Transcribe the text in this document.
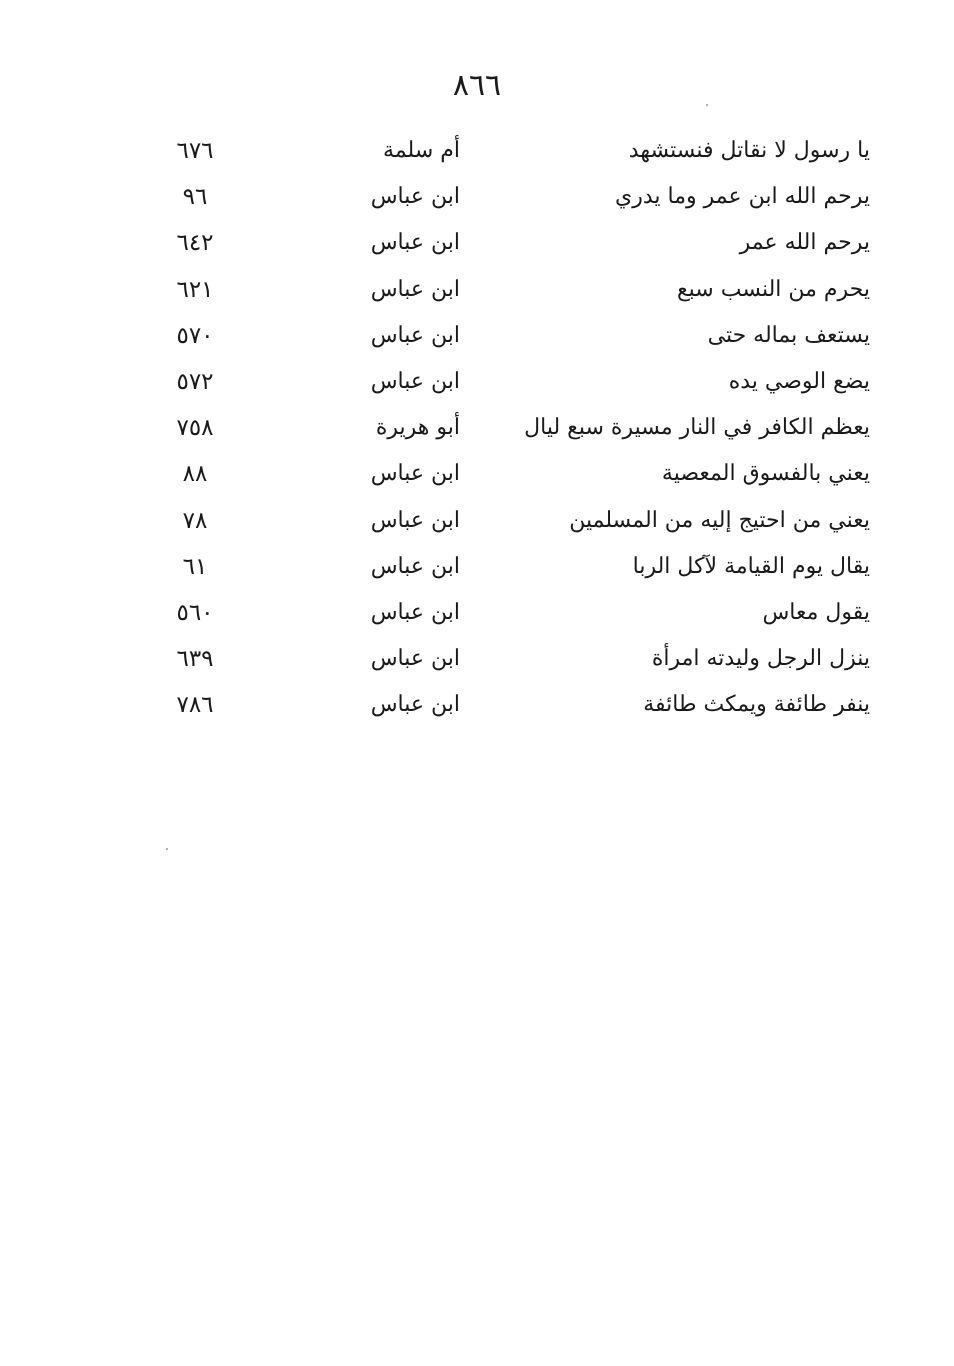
٨٦٦
يا رسول لا نقاتل فنستشهد
أم سلمة
٦٧٦
يرحم الله ابن عمر وما يدري
ابن عباس
٩٦
يرحم الله عمر
ابن عباس
٦٤٢
يحرم من النسب سبع
ابن عباس
٦٢١
يستعف بماله حتى
ابن عباس
٥٧٠
يضع الوصي يده
ابن عباس
٥٧٢
يعظم الكافر في النار مسيرة سبع ليال
أبو هريرة
٧٥٨
يعني بالفسوق المعصية
ابن عباس
٨٨
يعني من احتيج إليه من المسلمين
ابن عباس
٧٨
يقال يوم القيامة لآكل الربا
ابن عباس
٦١
يقول معاس
ابن عباس
٥٦٠
ينزل الرجل وليدته امرأة
ابن عباس
٦٣٩
ينفر طائفة ويمكث طائفة
ابن عباس
٧٨٦
